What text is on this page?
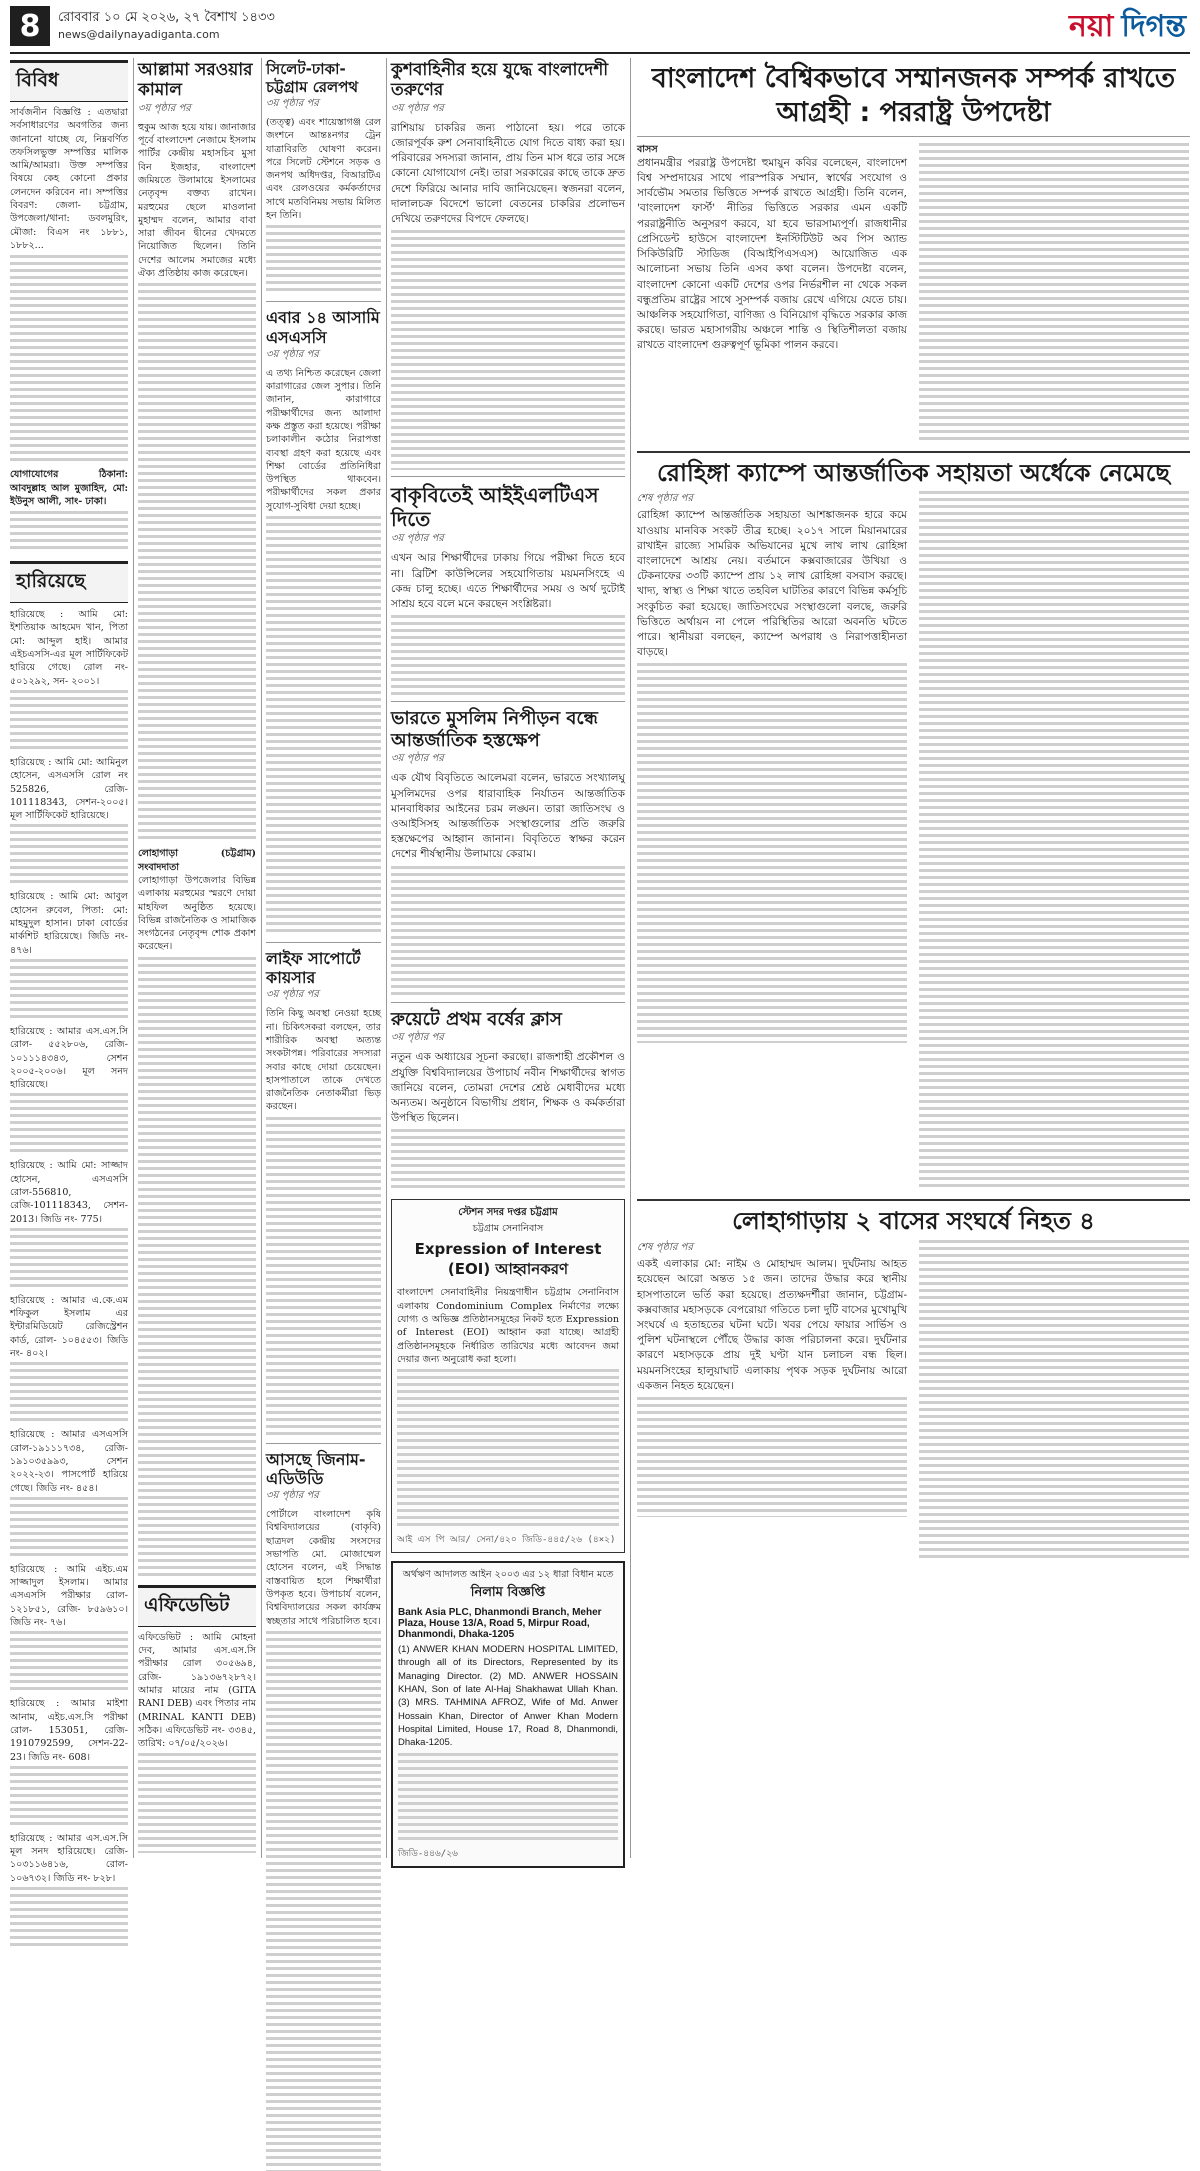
8	রোববার ১০ মে ২০২৬, ২৭ বৈশাখ ১৪৩৩
news@dailynayadiganta.com	নয়া দিগন্ত
বিবিধ
সার্বজনীন বিজ্ঞপ্তি : এতদ্বারা সর্বসাধারণের অবগতির জন্য জানানো যাচ্ছে যে, নিম্নবর্ণিত তফসিলভুক্ত সম্পত্তির মালিক আমি/আমরা। উক্ত সম্পত্তির বিষয়ে কেহ কোনো প্রকার লেনদেন করিবেন না। সম্পত্তির বিবরণ: জেলা- চট্টগ্রাম, উপজেলা/থানা: ডবলমুরিং, মৌজা: বিএস নং ১৮৮১, ১৮৮২...
যোগাযোগের ঠিকানা: আবদুল্লাহ আল মুজাহিদ, মো: ইউনুস আলী, সাং- ঢাকা।
হারিয়েছে
হারিয়েছে : আমি মো: ইশতিয়াক আহমেদ খান, পিতা মো: আব্দুল হাই। আমার এইচএসসি-এর মূল সার্টিফিকেট হারিয়ে গেছে। রোল নং- ৫০১২৯২, সন- ২০০১।
হারিয়েছে : আমি মো: আমিনুল হোসেন, এসএসসি রোল নং 525826, রেজি- 101118343, সেশন-২০০৫। মূল সার্টিফিকেট হারিয়েছে।
হারিয়েছে : আমি মো: আবুল হোসেন রুবেল, পিতা: মো: মাহমুদুল হাসান। ঢাকা বোর্ডের মার্কশিট হারিয়েছে। জিডি নং- ৪৭৬।
হারিয়েছে : আমার এস.এস.সি রোল- ৫৫২৮০৬, রেজি- ১০১১১৪৩৪৩, সেশন ২০০৫-২০০৬। মূল সনদ হারিয়েছে।
হারিয়েছে : আমি মো: সাজ্জাদ হোসেন, এসএসসি রোল-556810, রেজি-101118343, সেশন- 2013। জিডি নং- 775।
হারিয়েছে : আমার এ.কে.এম শফিকুল ইসলাম এর ইন্টারমিডিয়েট রেজিস্ট্রেশন কার্ড, রোল- ১০৪৫৫৩। জিডি নং- ৪০২।
হারিয়েছে : আমার এসএসসি রোল-১৯১১১৭৩৪, রেজি- ১৯১০৩৫৯৯৩, সেশন ২০২২-২৩। পাসপোর্ট হারিয়ে গেছে। জিডি নং- ৪৫৪।
হারিয়েছে : আমি এইচ.এম সাজ্জাদুল ইসলাম। আমার এসএসসি পরীক্ষার রোল- ১২১৮৫১, রেজি- ৮৫৯৬১০। জিডি নং- ৭৬।
হারিয়েছে : আমার মাইশা আনাম, এইচ.এস.সি পরীক্ষা রোল- 153051, রেজি- 1910792599, সেশন-22-23। জিডি নং- 608।
হারিয়েছে : আমার এস.এস.সি মূল সনদ হারিয়েছে। রেজি- ১০৩১১৬৪১৬, রোল- ১০৬৭৩২। জিডি নং- ৮২৮।
আল্লামা সরওয়ার কামাল
৩য় পৃষ্ঠার পর
হুকুম আজ হয়ে যায়। জানাজার পূর্বে বাংলাদেশ নেজামে ইসলাম পার্টির কেন্দ্রীয় মহাসচিব মুসা বিন ইজহার, বাংলাদেশ জমিয়তে উলামায়ে ইসলামের নেতৃবৃন্দ বক্তব্য রাখেন। মরহুমের ছেলে মাওলানা মুহাম্মদ বলেন, আমার বাবা সারা জীবন দ্বীনের খেদমতে নিয়োজিত ছিলেন। তিনি দেশের আলেম সমাজের মধ্যে ঐক্য প্রতিষ্ঠায় কাজ করেছেন।
লোহাগাড়া (চট্টগ্রাম) সংবাদদাতা
লোহাগাড়া উপজেলার বিভিন্ন এলাকায় মরহুমের স্মরণে দোয়া মাহফিল অনুষ্ঠিত হয়েছে। বিভিন্ন রাজনৈতিক ও সামাজিক সংগঠনের নেতৃবৃন্দ শোক প্রকাশ করেছেন।
এফিডেভিট
এফিডেভিট : আমি মোহনা দেব, আমার এস.এস.সি পরীক্ষার রোল ৩০৫৬৯৪, রেজি- ১৯১৩৬৭২৮৭২। আমার মায়ের নাম (GITA RANI DEB) এবং পিতার নাম (MRINAL KANTI DEB) সঠিক। এফিডেভিট নং- ৩৩৪৫, তারিখ: ০৭/০৫/২০২৬।
সিলেট-ঢাকা-চট্টগ্রাম রেলপথ
৩য় পৃষ্ঠার পর
(তত্ত্ব) এবং শায়েস্তাগঞ্জ রেল জংশনে আন্তঃনগর ট্রেন যাত্রাবিরতি ঘোষণা করেন। পরে সিলেট স্টেশনে সড়ক ও জনপথ অধিদপ্তর, বিআরটিএ এবং রেলওয়ের কর্মকর্তাদের সাথে মতবিনিময় সভায় মিলিত হন তিনি।
এবার ১৪ আসামি এসএসসি
৩য় পৃষ্ঠার পর
এ তথ্য নিশ্চিত করেছেন জেলা কারাগারের জেল সুপার। তিনি জানান, কারাগারে পরীক্ষার্থীদের জন্য আলাদা কক্ষ প্রস্তুত করা হয়েছে। পরীক্ষা চলাকালীন কঠোর নিরাপত্তা ব্যবস্থা গ্রহণ করা হয়েছে এবং শিক্ষা বোর্ডের প্রতিনিধিরা উপস্থিত থাকবেন। পরীক্ষার্থীদের সকল প্রকার সুযোগ-সুবিধা দেয়া হচ্ছে।
লাইফ সাপোর্টে কায়সার
৩য় পৃষ্ঠার পর
তিনি কিছু অবস্থা নেওয়া হচ্ছে না। চিকিৎসকরা বলছেন, তার শারীরিক অবস্থা অত্যন্ত সংকটাপন্ন। পরিবারের সদস্যরা সবার কাছে দোয়া চেয়েছেন। হাসপাতালে তাকে দেখতে রাজনৈতিক নেতাকর্মীরা ভিড় করছেন।
আসছে জিনাম-এডিউডি
৩য় পৃষ্ঠার পর
পোর্টালে বাংলাদেশ কৃষি বিশ্ববিদ্যালয়ের (বাকৃবি) ছাত্রদল কেন্দ্রীয় সংসদের সভাপতি মো. মোজাম্মেল হোসেন বলেন, এই সিদ্ধান্ত বাস্তবায়িত হলে শিক্ষার্থীরা উপকৃত হবে। উপাচার্য বলেন, বিশ্ববিদ্যালয়ের সকল কার্যক্রম স্বচ্ছতার সাথে পরিচালিত হবে।
কুশবাহিনীর হয়ে যুদ্ধে বাংলাদেশী তরুণের
৩য় পৃষ্ঠার পর
রাশিয়ায় চাকরির জন্য পাঠানো হয়। পরে তাকে জোরপূর্বক রুশ সেনাবাহিনীতে যোগ দিতে বাধ্য করা হয়। পরিবারের সদস্যরা জানান, প্রায় তিন মাস ধরে তার সঙ্গে কোনো যোগাযোগ নেই। তারা সরকারের কাছে তাকে দ্রুত দেশে ফিরিয়ে আনার দাবি জানিয়েছেন। স্বজনরা বলেন, দালালচক্র বিদেশে ভালো বেতনের চাকরির প্রলোভন দেখিয়ে তরুণদের বিপদে ফেলছে।
বাকৃবিতেই আইইএলটিএস দিতে
৩য় পৃষ্ঠার পর
এখন আর শিক্ষার্থীদের ঢাকায় গিয়ে পরীক্ষা দিতে হবে না। ব্রিটিশ কাউন্সিলের সহযোগিতায় ময়মনসিংহে এ কেন্দ্র চালু হচ্ছে। এতে শিক্ষার্থীদের সময় ও অর্থ দুটোই সাশ্রয় হবে বলে মনে করছেন সংশ্লিষ্টরা।
ভারতে মুসলিম নিপীড়ন বন্ধে আন্তর্জাতিক হস্তক্ষেপ
৩য় পৃষ্ঠার পর
এক যৌথ বিবৃতিতে আলেমরা বলেন, ভারতে সংখ্যালঘু মুসলিমদের ওপর ধারাবাহিক নির্যাতন আন্তর্জাতিক মানবাধিকার আইনের চরম লঙ্ঘন। তারা জাতিসংঘ ও ওআইসিসহ আন্তর্জাতিক সংস্থাগুলোর প্রতি জরুরি হস্তক্ষেপের আহ্বান জানান। বিবৃতিতে স্বাক্ষর করেন দেশের শীর্ষস্থানীয় উলামায়ে কেরাম।
রুয়েটে প্রথম বর্ষের ক্লাস
৩য় পৃষ্ঠার পর
নতুন এক অধ্যায়ের সূচনা করছো। রাজশাহী প্রকৌশল ও প্রযুক্তি বিশ্ববিদ্যালয়ের উপাচার্য নবীন শিক্ষার্থীদের স্বাগত জানিয়ে বলেন, তোমরা দেশের শ্রেষ্ঠ মেধাবীদের মধ্যে অন্যতম। অনুষ্ঠানে বিভাগীয় প্রধান, শিক্ষক ও কর্মকর্তারা উপস্থিত ছিলেন।
স্টেশন সদর দপ্তর চট্টগ্রাম
চট্টগ্রাম সেনানিবাস
Expression of Interest (EOI) আহ্বানকরণ
বাংলাদেশ সেনাবাহিনীর নিয়ন্ত্রণাধীন চট্টগ্রাম সেনানিবাস এলাকায় Condominium Complex নির্মাণের লক্ষ্যে যোগ্য ও অভিজ্ঞ প্রতিষ্ঠানসমূহের নিকট হতে Expression of Interest (EOI) আহ্বান করা যাচ্ছে। আগ্রহী প্রতিষ্ঠানসমূহকে নির্ধারিত তারিখের মধ্যে আবেদন জমা দেয়ার জন্য অনুরোধ করা হলো।
আই এস পি আর/ সেনা/৪২০ জিডি-৪৪৫/২৬ (৪×২)
অর্থঋণ আদালত আইন ২০০৩ এর ১২ ধারা বিধান মতে
নিলাম বিজ্ঞপ্তি
Bank Asia PLC, Dhanmondi Branch, Meher Plaza, House 13/A, Road 5, Mirpur Road, Dhanmondi, Dhaka-1205
(1) ANWER KHAN MODERN HOSPITAL LIMITED, through all of its Directors, Represented by its Managing Director. (2) MD. ANWER HOSSAIN KHAN, Son of late Al-Haj Shakhawat Ullah Khan. (3) MRS. TAHMINA AFROZ, Wife of Md. Anwer Hossain Khan, Director of Anwer Khan Modern Hospital Limited, House 17, Road 8, Dhanmondi, Dhaka-1205.
জিডি-৪৪৬/২৬
বাংলাদেশ বৈশ্বিকভাবে সম্মানজনক সম্পর্ক রাখতে আগ্রহী : পররাষ্ট্র উপদেষ্টা
বাসস
প্রধানমন্ত্রীর পররাষ্ট্র উপদেষ্টা হুমায়ুন কবির বলেছেন, বাংলাদেশ বিশ্ব সম্প্রদায়ের সাথে পারস্পরিক সম্মান, স্বার্থের সংযোগ ও সার্বভৌম সমতার ভিত্তিতে সম্পর্ক রাখতে আগ্রহী। তিনি বলেন, 'বাংলাদেশ ফার্স্ট' নীতির ভিত্তিতে সরকার এমন একটি পররাষ্ট্রনীতি অনুসরণ করবে, যা হবে ভারসাম্যপূর্ণ। রাজধানীর প্রেসিডেন্ট হাউসে বাংলাদেশ ইনস্টিটিউট অব পিস অ্যান্ড সিকিউরিটি স্টাডিজ (বিআইপিএসএস) আয়োজিত এক আলোচনা সভায় তিনি এসব কথা বলেন। উপদেষ্টা বলেন, বাংলাদেশ কোনো একটি দেশের ওপর নির্ভরশীল না থেকে সকল বন্ধুপ্রতিম রাষ্ট্রের সাথে সুসম্পর্ক বজায় রেখে এগিয়ে যেতে চায়। আঞ্চলিক সহযোগিতা, বাণিজ্য ও বিনিয়োগ বৃদ্ধিতে সরকার কাজ করছে। ভারত মহাসাগরীয় অঞ্চলে শান্তি ও স্থিতিশীলতা বজায় রাখতে বাংলাদেশ গুরুত্বপূর্ণ ভূমিকা পালন করবে।
রোহিঙ্গা ক্যাম্পে আন্তর্জাতিক সহায়তা অর্ধেকে নেমেছে
শেষ পৃষ্ঠার পর
রোহিঙ্গা ক্যাম্পে আন্তর্জাতিক সহায়তা আশঙ্কাজনক হারে কমে যাওয়ায় মানবিক সংকট তীব্র হচ্ছে। ২০১৭ সালে মিয়ানমারের রাখাইন রাজ্যে সামরিক অভিযানের মুখে লাখ লাখ রোহিঙ্গা বাংলাদেশে আশ্রয় নেয়। বর্তমানে কক্সবাজারের উখিয়া ও টেকনাফের ৩৩টি ক্যাম্পে প্রায় ১২ লাখ রোহিঙ্গা বসবাস করছে। খাদ্য, স্বাস্থ্য ও শিক্ষা খাতে তহবিল ঘাটতির কারণে বিভিন্ন কর্মসূচি সংকুচিত করা হয়েছে। জাতিসংঘের সংস্থাগুলো বলছে, জরুরি ভিত্তিতে অর্থায়ন না পেলে পরিস্থিতির আরো অবনতি ঘটতে পারে। স্থানীয়রা বলছেন, ক্যাম্পে অপরাধ ও নিরাপত্তাহীনতা বাড়ছে।
লোহাগাড়ায় ২ বাসের সংঘর্ষে নিহত ৪
শেষ পৃষ্ঠার পর
একই এলাকার মো: নাইম ও মোহাম্মদ আলম। দুর্ঘটনায় আহত হয়েছেন আরো অন্তত ১৫ জন। তাদের উদ্ধার করে স্থানীয় হাসপাতালে ভর্তি করা হয়েছে। প্রত্যক্ষদর্শীরা জানান, চট্টগ্রাম-কক্সবাজার মহাসড়কে বেপরোয়া গতিতে চলা দুটি বাসের মুখোমুখি সংঘর্ষে এ হতাহতের ঘটনা ঘটে। খবর পেয়ে ফায়ার সার্ভিস ও পুলিশ ঘটনাস্থলে পৌঁছে উদ্ধার কাজ পরিচালনা করে। দুর্ঘটনার কারণে মহাসড়কে প্রায় দুই ঘণ্টা যান চলাচল বন্ধ ছিল। ময়মনসিংহের হালুয়াঘাট এলাকায় পৃথক সড়ক দুর্ঘটনায় আরো একজন নিহত হয়েছেন।
